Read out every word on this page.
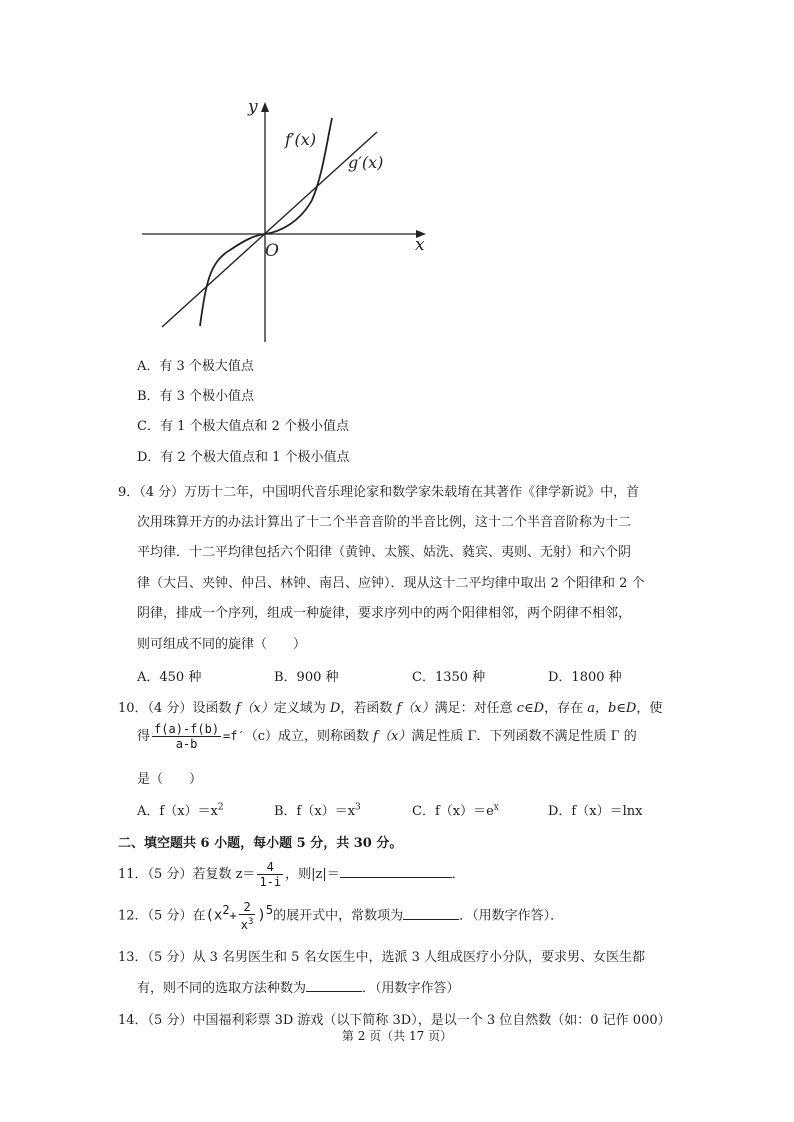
y
x
O
f′(x)
g′(x)
A．有 3 个极大值点
B．有 3 个极小值点
C．有 1 个极大值点和 2 个极小值点
D．有 2 个极大值点和 1 个极小值点
9．（4 分）万历十二年，中国明代音乐理论家和数学家朱载堉在其著作《律学新说》中，首
次用珠算开方的办法计算出了十二个半音音阶的半音比例，这十二个半音音阶称为十二
平均律．十二平均律包括六个阳律（黄钟、太簇、姑洗、蕤宾、夷则、无射）和六个阴
律（大吕、夹钟、仲吕、林钟、南吕、应钟）．现从这十二平均律中取出 2 个阳律和 2 个
阴律，排成一个序列，组成一种旋律，要求序列中的两个阳律相邻，两个阴律不相邻，
则可组成不同的旋律（　　）
A．450 种	B．900 种	C．1350 种	D．1800 种
10．（4 分）设函数 f（x）定义域为 D，若函数 f（x）满足：对任意 c∈D，存在 a，b∈D，使
得 $\frac{f(a)-f(b)}{a-b} =f'(c)$成立，则称函数 f（x）满足性质 Γ．下列函数不满足性质 Γ 的
是（　　）
A．$f(x)=x^2$	B．$f(x)=x^3$	C．$f(x)=e^x$	D．f（x）＝lnx
二、填空题共 6 小题，每小题 5 分，共 30 分。
11．（5 分）若复数 $z= \frac{4}{1-i}$ ，则|z|＝	．
12．（5 分）在$(x^2+ \frac{2}{x^3} )^5$的展开式中，常数项为	．（用数字作答）．
13．（5 分）从 3 名男医生和 5 名女医生中，选派 3 人组成医疗小分队，要求男、女医生都
有，则不同的选取方法种数为	．（用数字作答）
14．（5 分）中国福利彩票 3D 游戏（以下简称 3D），是以一个 3 位自然数（如：0 记作 000）
第 2 页（共 17 页）
